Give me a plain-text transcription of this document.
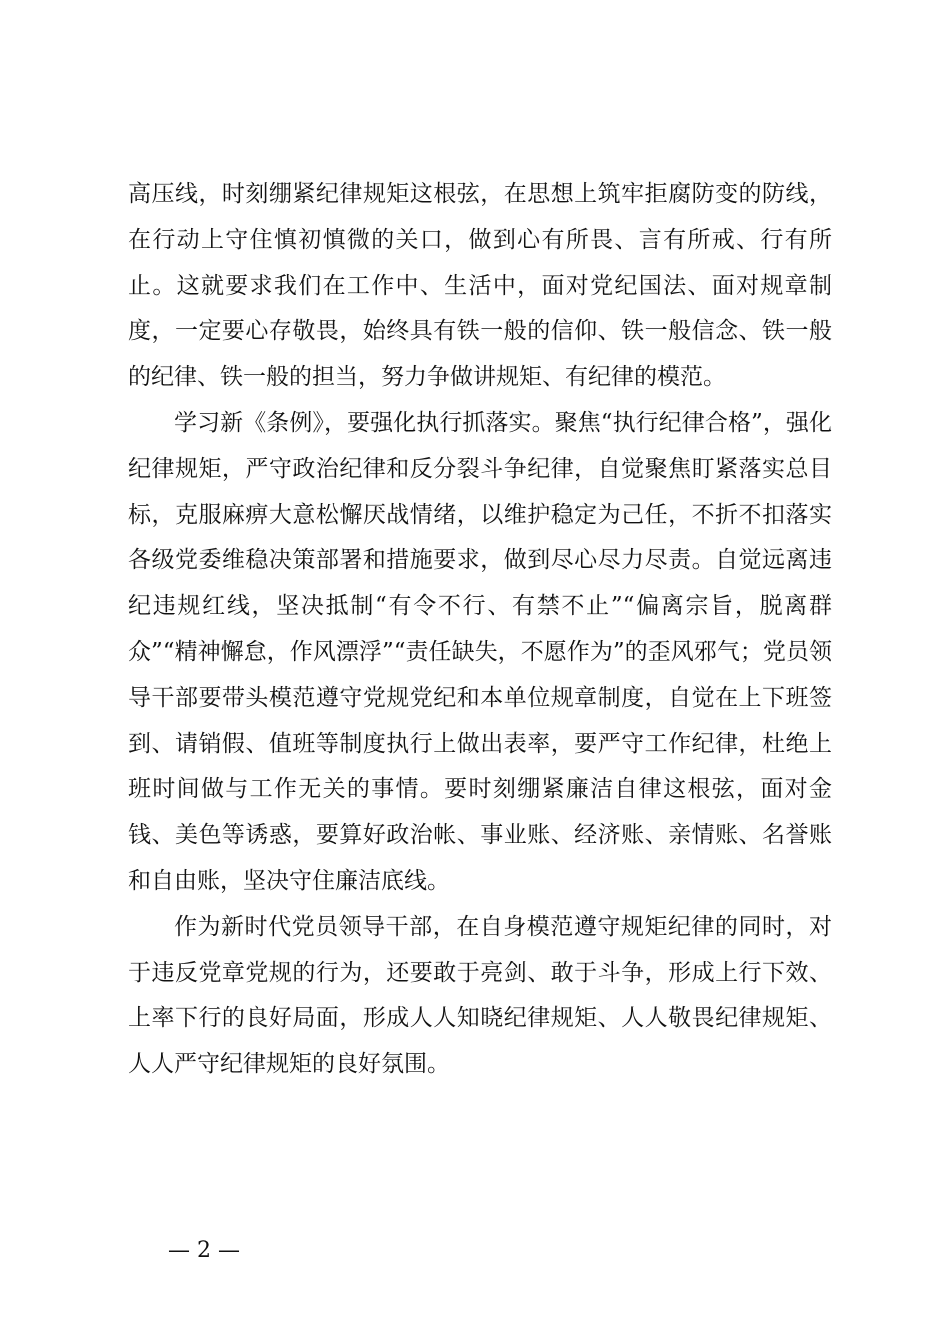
高压线，时刻绷紧纪律规矩这根弦，在思想上筑牢拒腐防变的防线，在行动上守住慎初慎微的关口，做到心有所畏、言有所戒、行有所止。这就要求我们在工作中、生活中，面对党纪国法、面对规章制度，一定要心存敬畏，始终具有铁一般的信仰、铁一般信念、铁一般的纪律、铁一般的担当，努力争做讲规矩、有纪律的模范。

学习新《条例》，要强化执行抓落实。聚焦“执行纪律合格”，强化纪律规矩，严守政治纪律和反分裂斗争纪律，自觉聚焦盯紧落实总目标，克服麻痹大意松懈厌战情绪，以维护稳定为己任，不折不扣落实各级党委维稳决策部署和措施要求，做到尽心尽力尽责。自觉远离违纪违规红线，坚决抵制“有令不行、有禁不止”“偏离宗旨，脱离群众”“精神懈怠，作风漂浮”“责任缺失，不愿作为”的歪风邪气；党员领导干部要带头模范遵守党规党纪和本单位规章制度，自觉在上下班签到、请销假、值班等制度执行上做出表率，要严守工作纪律，杜绝上班时间做与工作无关的事情。要时刻绷紧廉洁自律这根弦，面对金钱、美色等诱惑，要算好政治帐、事业账、经济账、亲情账、名誉账和自由账，坚决守住廉洁底线。

作为新时代党员领导干部，在自身模范遵守规矩纪律的同时，对于违反党章党规的行为，还要敢于亮剑、敢于斗争，形成上行下效、上率下行的良好局面，形成人人知晓纪律规矩、人人敬畏纪律规矩、人人严守纪律规矩的良好氛围。

— 2 —
